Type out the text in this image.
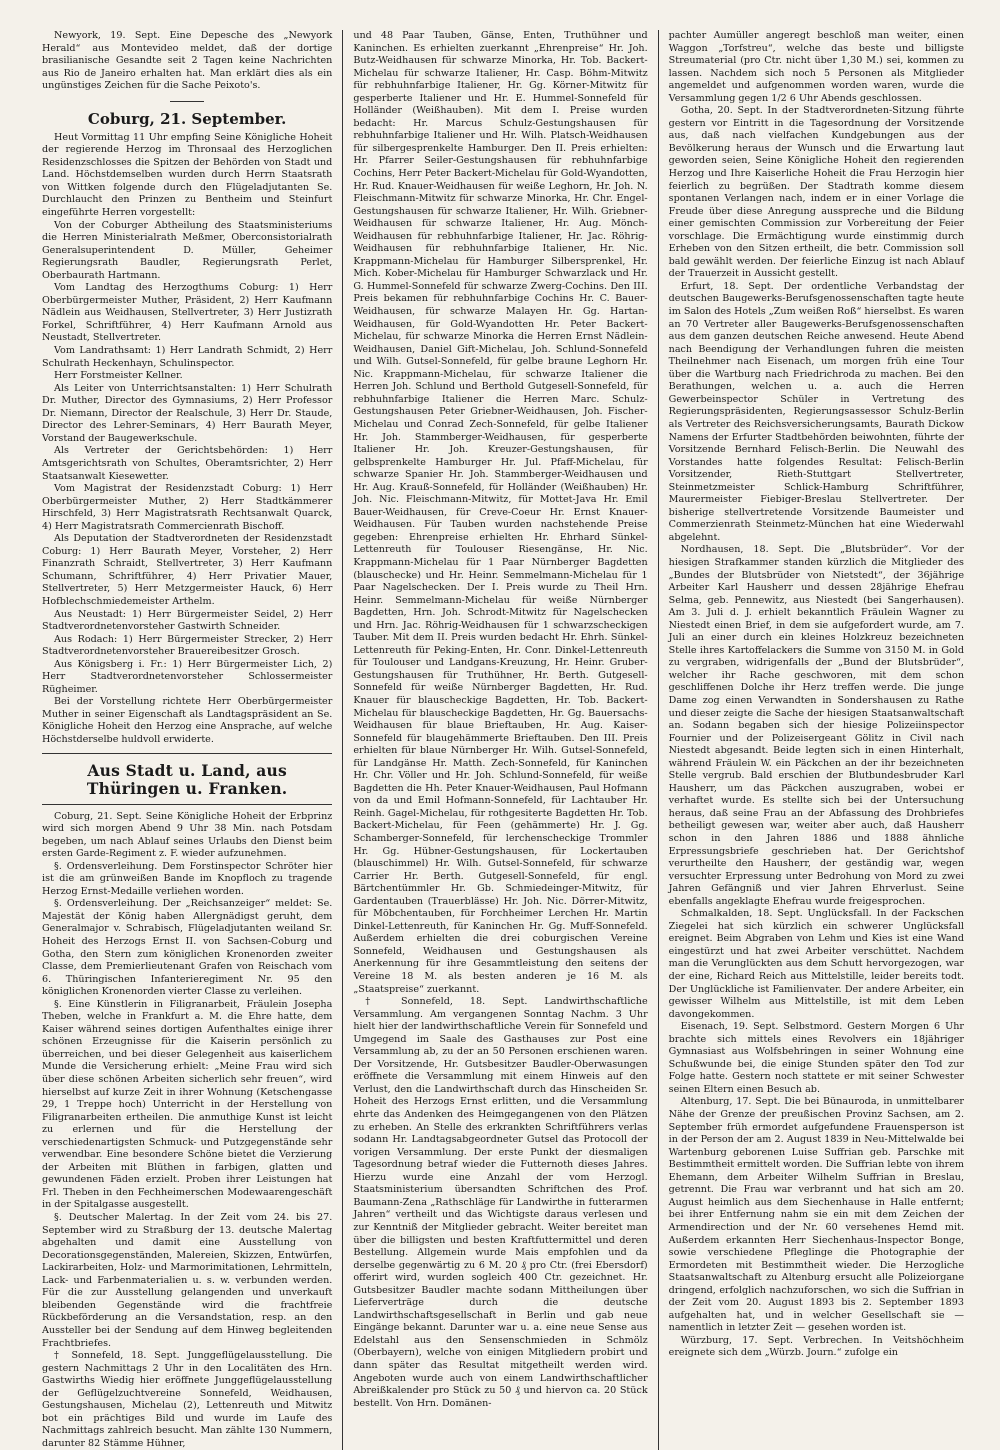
Newyork, 19. Sept. Eine Depesche des „Newyork Herald“ aus Montevideo meldet, daß der dortige brasilianische Gesandte seit 2 Tagen keine Nachrichten aus Rio de Janeiro erhalten hat. Man erklärt dies als ein ungünstiges Zeichen für die Sache Peixoto's.

Coburg, 21. September.

Heut Vormittag 11 Uhr empfing Seine Königliche Hoheit der regierende Herzog im Thronsaal des Herzoglichen Residenzschlosses die Spitzen der Behörden von Stadt und Land. Höchstdemselben wurden durch Herrn Staatsrath von Wittken folgende durch den Flügeladjutanten Se. Durchlaucht den Prinzen zu Bentheim und Steinfurt eingeführte Herren vorgestellt:

Von der Coburger Abtheilung des Staatsministeriums die Herren Ministerialrath Meßmer, Oberconsistorialrath Generalsuperintendent D. Müller, Geheimer Regierungsrath Baudler, Regierungsrath Perlet, Oberbaurath Hartmann.

Vom Landtag des Herzogthums Coburg: 1) Herr Oberbürgermeister Muther, Präsident, 2) Herr Kaufmann Nädlein aus Weidhausen, Stellvertreter, 3) Herr Justizrath Forkel, Schriftführer, 4) Herr Kaufmann Arnold aus Neustadt, Stellvertreter.

Vom Landrathsamt: 1) Herr Landrath Schmidt, 2) Herr Schulrath Heckenhayn, Schulinspector.

Herr Forstmeister Kellner.

Als Leiter von Unterrichtsanstalten: 1) Herr Schulrath Dr. Muther, Director des Gymnasiums, 2) Herr Professor Dr. Niemann, Director der Realschule, 3) Herr Dr. Staude, Director des Lehrer-Seminars, 4) Herr Baurath Meyer, Vorstand der Baugewerkschule.

Als Vertreter der Gerichtsbehörden: 1) Herr Amtsgerichtsrath von Schultes, Oberamtsrichter, 2) Herr Staatsanwalt Kiesewetter.

Vom Magistrat der Residenzstadt Coburg: 1) Herr Oberbürgermeister Muther, 2) Herr Stadtkämmerer Hirschfeld, 3) Herr Magistratsrath Rechtsanwalt Quarck, 4) Herr Magistratsrath Commercienrath Bischoff.

Als Deputation der Stadtverordneten der Residenzstadt Coburg: 1) Herr Baurath Meyer, Vorsteher, 2) Herr Finanzrath Schraidt, Stellvertreter, 3) Herr Kaufmann Schumann, Schriftführer, 4) Herr Privatier Mauer, Stellvertreter, 5) Herr Metzgermeister Hauck, 6) Herr Hofblechschmiedemeister Arthelm.

Aus Neustadt: 1) Herr Bürgermeister Seidel, 2) Herr Stadtverordnetenvorsteher Gastwirth Schneider.

Aus Rodach: 1) Herr Bürgermeister Strecker, 2) Herr Stadtverordnetenvorsteher Brauereibesitzer Grosch.

Aus Königsberg i. Fr.: 1) Herr Bürgermeister Lich, 2) Herr Stadtverordnetenvorsteher Schlossermeister Rügheimer.

Bei der Vorstellung richtete Herr Oberbürgermeister Muther in seiner Eigenschaft als Landtagspräsident an Se. Königliche Hoheit den Herzog eine Ansprache, auf welche Höchstderselbe huldvoll erwiderte.

Aus Stadt u. Land, aus Thüringen u. Franken.

Coburg, 21. Sept. Seine Königliche Hoheit der Erbprinz wird sich morgen Abend 9 Uhr 38 Min. nach Potsdam begeben, um nach Ablauf seines Urlaubs den Dienst beim ersten Garde-Regiment z. F. wieder aufzunehmen.

§. Ordensverleihung. Dem Forstinspector Schröter hier ist die am grünweißen Bande im Knopfloch zu tragende Herzog Ernst-Medaille verliehen worden.

§. Ordensverleihung. Der „Reichsanzeiger“ meldet: Se. Majestät der König haben Allergnädigst geruht, dem Generalmajor v. Schrabisch, Flügeladjutanten weiland Sr. Hoheit des Herzogs Ernst II. von Sachsen-Coburg und Gotha, den Stern zum königlichen Kronenorden zweiter Classe, dem Premierlieutenant Grafen von Reischach vom 6. Thüringischen Infanterieregiment Nr. 95 den königlichen Kronenorden vierter Classe zu verleihen.

§. Eine Künstlerin in Filigranarbeit, Fräulein Josepha Theben, welche in Frankfurt a. M. die Ehre hatte, dem Kaiser während seines dortigen Aufenthaltes einige ihrer schönen Erzeugnisse für die Kaiserin persönlich zu überreichen, und bei dieser Gelegenheit aus kaiserlichem Munde die Versicherung erhielt: „Meine Frau wird sich über diese schönen Arbeiten sicherlich sehr freuen“, wird hierselbst auf kurze Zeit in ihrer Wohnung (Ketschengasse 29, 1 Treppe hoch) Unterricht in der Herstellung von Filigranarbeiten ertheilen. Die anmuthige Kunst ist leicht zu erlernen und für die Herstellung der verschiedenartigsten Schmuck- und Putzgegenstände sehr verwendbar. Eine besondere Schöne bietet die Verzierung der Arbeiten mit Blüthen in farbigen, glatten und gewundenen Fäden erzielt. Proben ihrer Leistungen hat Frl. Theben in den Fechheimerschen Modewaarengeschäft in der Spitalgasse ausgestellt.

§. Deutscher Malertag. In der Zeit vom 24. bis 27. September wird zu Straßburg der 13. deutsche Malertag abgehalten und damit eine Ausstellung von Decorationsgegenständen, Malereien, Skizzen, Entwürfen, Lackirarbeiten, Holz- und Marmorimitationen, Lehrmitteln, Lack- und Farbenmaterialien u. s. w. verbunden werden. Für die zur Ausstellung gelangenden und unverkauft bleibenden Gegenstände wird die frachtfreie Rückbeförderung an die Versandstation, resp. an den Aussteller bei der Sendung auf dem Hinweg begleitenden Frachtbriefes.

† Sonnefeld, 18. Sept. Junggeflügelausstellung. Die gestern Nachmittags 2 Uhr in den Localitäten des Hrn. Gastwirths Wiedig hier eröffnete Junggeflügelausstellung der Geflügelzuchtvereine Sonnefeld, Weidhausen, Gestungshausen, Michelau (2), Lettenreuth und Mitwitz bot ein prächtiges Bild und wurde im Laufe des Nachmittags zahlreich besucht. Man zählte 130 Nummern, darunter 82 Stämme Hühner,

und 48 Paar Tauben, Gänse, Enten, Truthühner und Kaninchen. Es erhielten zuerkannt „Ehrenpreise“ Hr. Joh. Butz-Weidhausen für schwarze Minorka, Hr. Tob. Backert-Michelau für schwarze Italiener, Hr. Casp. Böhm-Mitwitz für rebhuhnfarbige Italiener, Hr. Gg. Körner-Mitwitz für gesperberte Italiener und Hr. E. Hummel-Sonnefeld für Holländer (Weißhauben). Mit dem I. Preise wurden bedacht: Hr. Marcus Schulz-Gestungshausen für rebhuhnfarbige Italiener und Hr. Wilh. Platsch-Weidhausen für silbergesprenkelte Hamburger. Den II. Preis erhielten: Hr. Pfarrer Seiler-Gestungshausen für rebhuhnfarbige Cochins, Herr Peter Backert-Michelau für Gold-Wyandotten, Hr. Rud. Knauer-Weidhausen für weiße Leghorn, Hr. Joh. N. Fleischmann-Mitwitz für schwarze Minorka, Hr. Chr. Engel-Gestungshausen für schwarze Italiener, Hr. Wilh. Griebner-Weidhausen für schwarze Italiener, Hr. Aug. Mönch-Weidhausen für rebhuhnfarbige Italiener, Hr. Jac. Röhrig-Weidhausen für rebhuhnfarbige Italiener, Hr. Nic. Krappmann-Michelau für Hamburger Silbersprenkel, Hr. Mich. Kober-Michelau für Hamburger Schwarzlack und Hr. G. Hummel-Sonnefeld für schwarze Zwerg-Cochins. Den III. Preis bekamen für rebhuhnfarbige Cochins Hr. C. Bauer-Weidhausen, für schwarze Malayen Hr. Gg. Hartan-Weidhausen, für Gold-Wyandotten Hr. Peter Backert-Michelau, für schwarze Minorka die Herren Ernst Nädlein-Weidhausen, Daniel Gift-Michelau, Joh. Schlund-Sonnefeld und Wilh. Gutsel-Sonnefeld, für gelbe braune Leghorn Hr. Nic. Krappmann-Michelau, für schwarze Italiener die Herren Joh. Schlund und Berthold Gutgesell-Sonnefeld, für rebhuhnfarbige Italiener die Herren Marc. Schulz-Gestungshausen Peter Griebner-Weidhausen, Joh. Fischer-Michelau und Conrad Zech-Sonnefeld, für gelbe Italiener Hr. Joh. Stammberger-Weidhausen, für gesperberte Italiener Hr. Joh. Kreuzer-Gestungshausen, für gelbsprenkelte Hamburger Hr. Jul. Pfaff-Michelau, für schwarze Spanier Hr. Joh. Stammberger-Weidhausen und Hr. Aug. Krauß-Sonnefeld, für Holländer (Weißhauben) Hr. Joh. Nic. Fleischmann-Mitwitz, für Mottet-Java Hr. Emil Bauer-Weidhausen, für Creve-Coeur Hr. Ernst Knauer-Weidhausen. Für Tauben wurden nachstehende Preise gegeben: Ehrenpreise erhielten Hr. Ehrhard Sünkel-Lettenreuth für Toulouser Riesengänse, Hr. Nic. Krappmann-Michelau für 1 Paar Nürnberger Bagdetten (blauschecke) und Hr. Heinr. Semmelmann-Michelau für 1 Paar Nagelschecken. Der I. Preis wurde zu Theil Hrn. Heinr. Semmelmann-Michelau für weiße Nürnberger Bagdetten, Hrn. Joh. Schrodt-Mitwitz für Nagelschecken und Hrn. Jac. Röhrig-Weidhausen für 1 schwarzscheckigen Tauber. Mit dem II. Preis wurden bedacht Hr. Ehrh. Sünkel-Lettenreuth für Peking-Enten, Hr. Conr. Dinkel-Lettenreuth für Toulouser und Landgans-Kreuzung, Hr. Heinr. Gruber-Gestungshausen für Truthühner, Hr. Berth. Gutgesell-Sonnefeld für weiße Nürnberger Bagdetten, Hr. Rud. Knauer für blauscheckige Bagdetten, Hr. Tob. Backert-Michelau für blauscheckige Bagdetten, Hr. Gg. Bauersachs-Weidhausen für blaue Brieftauben, Hr. Aug. Kaiser-Sonnefeld für blaugehämmerte Brieftauben. Den III. Preis erhielten für blaue Nürnberger Hr. Wilh. Gutsel-Sonnefeld, für Landgänse Hr. Matth. Zech-Sonnefeld, für Kaninchen Hr. Chr. Völler und Hr. Joh. Schlund-Sonnefeld, für weiße Bagdetten die Hh. Peter Knauer-Weidhausen, Paul Hofmann von da und Emil Hofmann-Sonnefeld, für Lachtauber Hr. Reinh. Gagel-Michelau, für rothgesiterte Bagdetten Hr. Tob. Backert-Michelau, für Feen (gehämmerte) Hr. J. Gg. Schamberger-Sonnefeld, für lerchenscheckige Trommler Hr. Gg. Hübner-Gestungshausen, für Lockertauben (blauschimmel) Hr. Wilh. Gutsel-Sonnefeld, für schwarze Carrier Hr. Berth. Gutgesell-Sonnefeld, für engl. Bärtchentümmler Hr. Gb. Schmiedeinger-Mitwitz, für Gardentauben (Trauerblässe) Hr. Joh. Nic. Dörrer-Mitwitz, für Möbchentauben, für Forchheimer Lerchen Hr. Martin Dinkel-Lettenreuth, für Kaninchen Hr. Gg. Muff-Sonnefeld. Außerdem erhielten die drei coburgischen Vereine Sonnefeld, Weidhausen und Gestungshausen als Anerkennung für ihre Gesammtleistung den seitens der Vereine 18 M. als besten anderen je 16 M. als „Staatspreise“ zuerkannt.

† Sonnefeld, 18. Sept. Landwirthschaftliche Versammlung. Am vergangenen Sonntag Nachm. 3 Uhr hielt hier der landwirthschaftliche Verein für Sonnefeld und Umgegend im Saale des Gasthauses zur Post eine Versammlung ab, zu der an 50 Personen erschienen waren. Der Vorsitzende, Hr. Gutsbesitzer Baudler-Oberwasungen eröffnete die Versammlung mit einem Hinweis auf den Verlust, den die Landwirthschaft durch das Hinscheiden Sr. Hoheit des Herzogs Ernst erlitten, und die Versammlung ehrte das Andenken des Heimgegangenen von den Plätzen zu erheben. An Stelle des erkrankten Schriftführers verlas sodann Hr. Landtagsabgeordneter Gutsel das Protocoll der vorigen Versammlung. Der erste Punkt der diesmaligen Tagesordnung betraf wieder die Futternoth dieses Jahres. Hierzu wurde eine Anzahl der vom Herzogl. Staatsministerium übersandten Schriftchen des Prof. Baumann-Zena „Rathschläge für Landwirthe in futterarmen Jahren“ vertheilt und das Wichtigste daraus verlesen und zur Kenntniß der Mitglieder gebracht. Weiter bereitet man über die billigsten und besten Kraftfuttermittel und deren Bestellung. Allgemein wurde Mais empfohlen und da derselbe gegenwärtig zu 6 M. 20 ₰ pro Ctr. (frei Ebersdorf) offerirt wird, wurden sogleich 400 Ctr. gezeichnet. Hr. Gutsbesitzer Baudler machte sodann Mittheilungen über Lieferverträge durch die deutsche Landwirthschaftsgesellschaft in Berlin und gab neue Eingänge bekannt. Darunter war u. a. eine neue Sense aus Edelstahl aus den Sensenschmieden in Schmölz (Oberbayern), welche von einigen Mitgliedern probirt und dann später das Resultat mitgetheilt werden wird. Angeboten wurde auch von einem Landwirthschaftlicher Abreißkalender pro Stück zu 50 ₰ und hiervon ca. 20 Stück bestellt. Von Hrn. Domänen-

pachter Aumüller angeregt beschloß man weiter, einen Waggon „Torfstreu“, welche das beste und billigste Streumaterial (pro Ctr. nicht über 1,30 M.) sei, kommen zu lassen. Nachdem sich noch 5 Personen als Mitglieder angemeldet und aufgenommen worden waren, wurde die Versammlung gegen 1/2 6 Uhr Abends geschlossen.

Gotha, 20. Sept. In der Stadtverordneten-Sitzung führte gestern vor Eintritt in die Tagesordnung der Vorsitzende aus, daß nach vielfachen Kundgebungen aus der Bevölkerung heraus der Wunsch und die Erwartung laut geworden seien, Seine Königliche Hoheit den regierenden Herzog und Ihre Kaiserliche Hoheit die Frau Herzogin hier feierlich zu begrüßen. Der Stadtrath komme diesem spontanen Verlangen nach, indem er in einer Vorlage die Freude über diese Anregung ausspreche und die Bildung einer gemischten Commission zur Vorbereitung der Feier vorschlage. Die Ermächtigung wurde einstimmig durch Erheben von den Sitzen ertheilt, die betr. Commission soll bald gewählt werden. Der feierliche Einzug ist nach Ablauf der Trauerzeit in Aussicht gestellt.

Erfurt, 18. Sept. Der ordentliche Verbandstag der deutschen Baugewerks-Berufsgenossenschaften tagte heute im Salon des Hotels „Zum weißen Roß“ hierselbst. Es waren an 70 Vertreter aller Baugewerks-Berufsgenossenschaften aus dem ganzen deutschen Reiche anwesend. Heute Abend nach Beendigung der Verhandlungen fuhren die meisten Theilnehmer nach Eisenach, um morgen früh eine Tour über die Wartburg nach Friedrichroda zu machen. Bei den Berathungen, welchen u. a. auch die Herren Gewerbeinspector Schüler in Vertretung des Regierungspräsidenten, Regierungsassessor Schulz-Berlin als Vertreter des Reichsversicherungsamts, Baurath Dickow Namens der Erfurter Stadtbehörden beiwohnten, führte der Vorsitzende Bernhard Felisch-Berlin. Die Neuwahl des Vorstandes hatte folgendes Resultat: Felisch-Berlin Vorsitzender, Rieth-Stuttgart Stellvertreter, Steinmetzmeister Schlick-Hamburg Schriftführer, Maurermeister Fiebiger-Breslau Stellvertreter. Der bisherige stellvertretende Vorsitzende Baumeister und Commerzienrath Steinmetz-München hat eine Wiederwahl abgelehnt.

Nordhausen, 18. Sept. Die „Blutsbrüder“. Vor der hiesigen Strafkammer standen kürzlich die Mitglieder des „Bundes der Blutsbrüder von Nietstedt“, der 36jährige Arbeiter Karl Hausherr und dessen 28jährige Ehefrau Selma, geb. Pennewitz, aus Niestedt (bei Sangerhausen). Am 3. Juli d. J. erhielt bekanntlich Fräulein Wagner zu Niestedt einen Brief, in dem sie aufgefordert wurde, am 7. Juli an einer durch ein kleines Holzkreuz bezeichneten Stelle ihres Kartoffelackers die Summe von 3150 M. in Gold zu vergraben, widrigenfalls der „Bund der Blutsbrüder“, welcher ihr Rache geschworen, mit dem schon geschliffenen Dolche ihr Herz treffen werde. Die junge Dame zog einen Verwandten in Sondershausen zu Rathe und dieser zeigte die Sache der hiesigen Staatsanwaltschaft an. Sodann begaben sich der hiesige Polizeiinspector Fournier und der Polizeisergeant Gölitz in Civil nach Niestedt abgesandt. Beide legten sich in einen Hinterhalt, während Fräulein W. ein Päckchen an der ihr bezeichneten Stelle vergrub. Bald erschien der Blutbundesbruder Karl Hausherr, um das Päckchen auszugraben, wobei er verhaftet wurde. Es stellte sich bei der Untersuchung heraus, daß seine Frau an der Abfassung des Drohbriefes betheiligt gewesen war, weiter aber auch, daß Hausherr schon in den Jahren 1886 und 1888 ähnliche Erpressungsbriefe geschrieben hat. Der Gerichtshof verurtheilte den Hausherr, der geständig war, wegen versuchter Erpressung unter Bedrohung von Mord zu zwei Jahren Gefängniß und vier Jahren Ehrverlust. Seine ebenfalls angeklagte Ehefrau wurde freigesprochen.

Schmalkalden, 18. Sept. Unglücksfall. In der Fackschen Ziegelei hat sich kürzlich ein schwerer Unglücksfall ereignet. Beim Abgraben von Lehm und Kies ist eine Wand eingestürzt und hat zwei Arbeiter verschüttet. Nachdem man die Verunglückten aus dem Schutt hervorgezogen, war der eine, Richard Reich aus Mittelstille, leider bereits todt. Der Unglückliche ist Familienvater. Der andere Arbeiter, ein gewisser Wilhelm aus Mittelstille, ist mit dem Leben davongekommen.

Eisenach, 19. Sept. Selbstmord. Gestern Morgen 6 Uhr brachte sich mittels eines Revolvers ein 18jähriger Gymnasiast aus Wolfsbehringen in seiner Wohnung eine Schußwunde bei, die einige Stunden später den Tod zur Folge hatte. Gestern noch stattete er mit seiner Schwester seinen Eltern einen Besuch ab.

Altenburg, 17. Sept. Die bei Bünauroda, in unmittelbarer Nähe der Grenze der preußischen Provinz Sachsen, am 2. September früh ermordet aufgefundene Frauensperson ist in der Person der am 2. August 1839 in Neu-Mittelwalde bei Wartenburg geborenen Luise Suffrian geb. Parschke mit Bestimmtheit ermittelt worden. Die Suffrian lebte von ihrem Ehemann, dem Arbeiter Wilhelm Suffrian in Breslau, getrennt. Die Frau war verbrannt und hat sich am 20. August heimlich aus dem Siechenhause in Halle entfernt; bei ihrer Entfernung nahm sie ein mit dem Zeichen der Armendirection und der Nr. 60 versehenes Hemd mit. Außerdem erkannten Herr Siechenhaus-Inspector Bonge, sowie verschiedene Pfleglinge die Photographie der Ermordeten mit Bestimmtheit wieder. Die Herzogliche Staatsanwaltschaft zu Altenburg ersucht alle Polizeiorgane dringend, erfolglich nachzuforschen, wo sich die Suffrian in der Zeit vom 20. August 1893 bis 2. September 1893 aufgehalten hat, und in welcher Gesellschaft sie — namentlich in letzter Zeit — gesehen worden ist.

Würzburg, 17. Sept. Verbrechen. In Veitshöchheim ereignete sich dem „Würzb. Journ.“ zufolge ein
